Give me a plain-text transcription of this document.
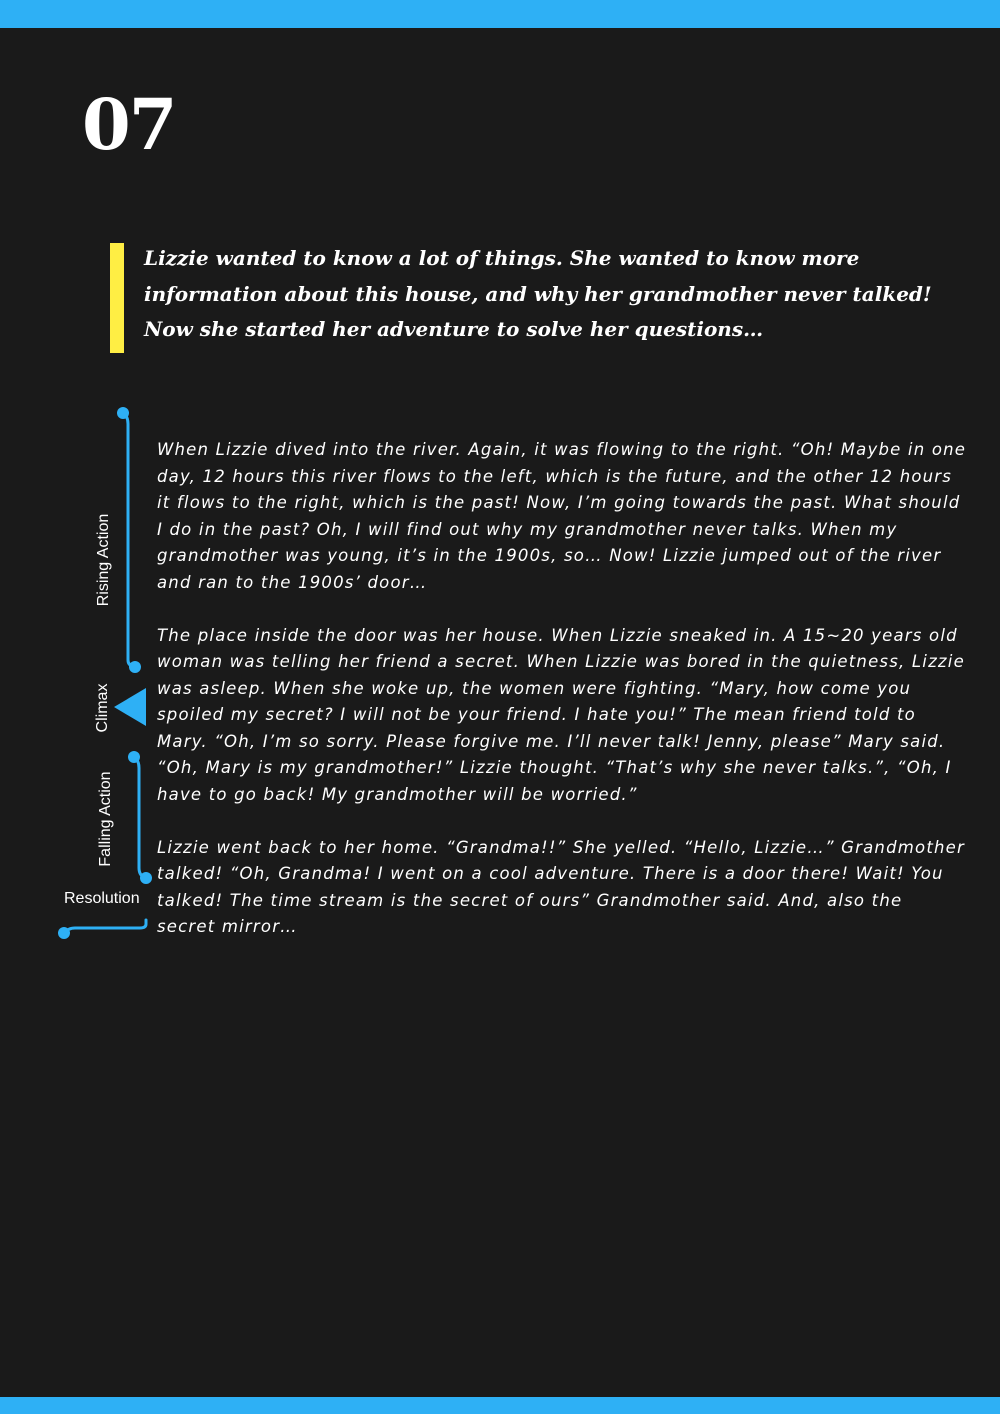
07

Lizzie wanted to know a lot of things. She wanted to know more information about this house, and why her grandmother never talked! Now she started her adventure to solve her questions…

Rising Action
Climax
Falling Action
Resolution

When Lizzie dived into the river. Again, it was flowing to the right. “Oh! Maybe in one day, 12 hours this river flows to the left, which is the future, and the other 12 hours it flows to the right, which is the past! Now, I’m going towards the past. What should I do in the past? Oh, I will find out why my grandmother never talks. When my grandmother was young, it’s in the 1900s, so… Now! Lizzie jumped out of the river and ran to the 1900s’ door…

The place inside the door was her house. When Lizzie sneaked in. A 15~20 years old woman was telling her friend a secret. When Lizzie was bored in the quietness, Lizzie was asleep. When she woke up, the women were fighting. “Mary, how come you spoiled my secret? I will not be your friend. I hate you!” The mean friend told to Mary. “Oh, I’m so sorry. Please forgive me. I’ll never talk! Jenny, please” Mary said. “Oh, Mary is my grandmother!” Lizzie thought. “That’s why she never talks.”, “Oh, I have to go back! My grandmother will be worried.”

Lizzie went back to her home. “Grandma!!” She yelled. “Hello, Lizzie…” Grandmother talked! “Oh, Grandma! I went on a cool adventure. There is a door there! Wait! You talked! The time stream is the secret of ours” Grandmother said. And, also the secret mirror…
